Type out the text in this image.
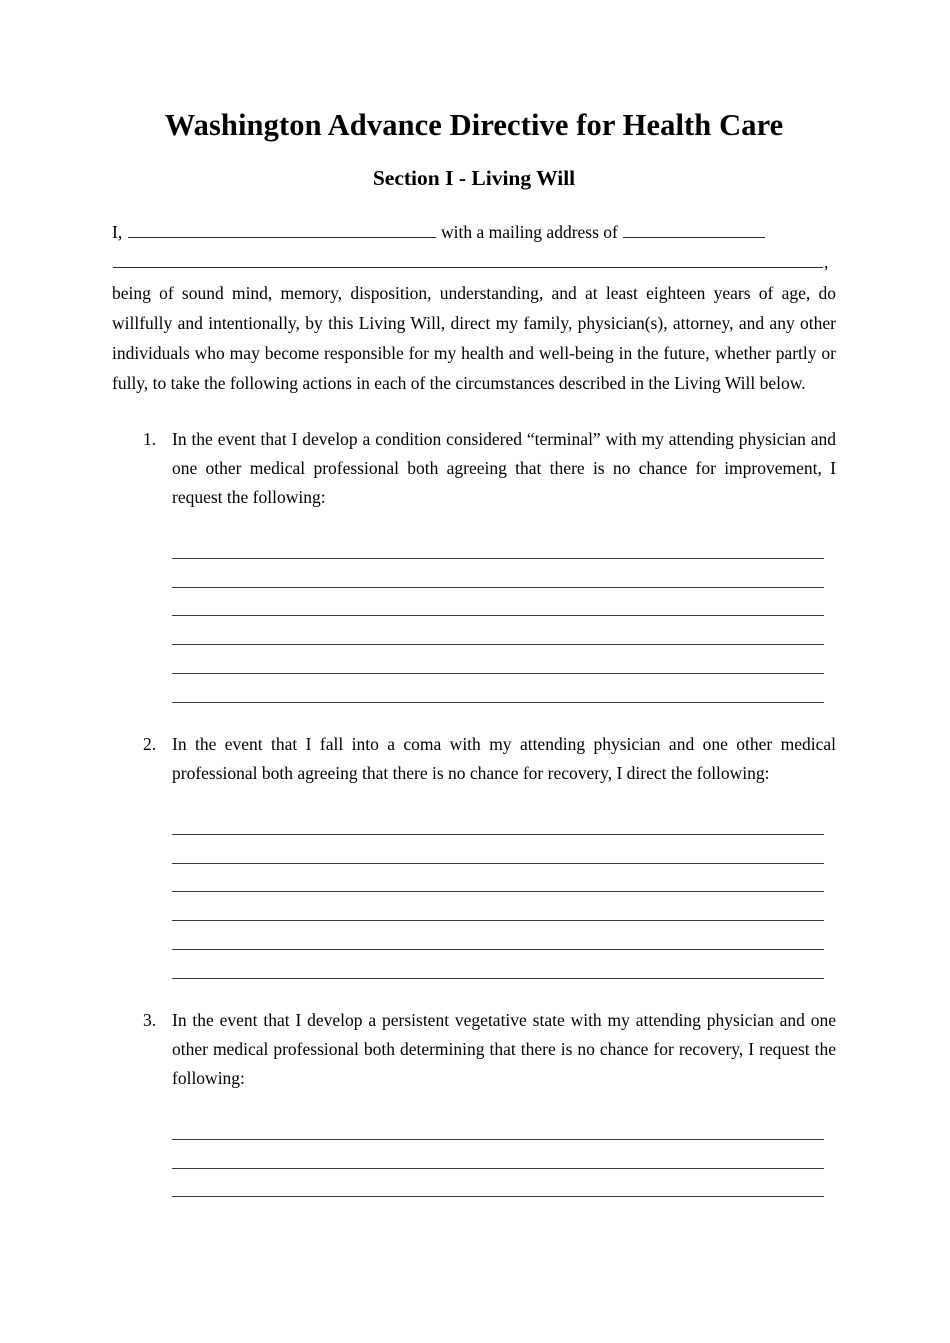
Washington Advance Directive for Health Care
Section I - Living Will

I,	with a mailing address of

,

being of sound mind, memory, disposition, understanding, and at least eighteen years of age, do willfully and intentionally, by this Living Will, direct my family, physician(s), attorney, and any other individuals who may become responsible for my health and well-being in the future, whether partly or fully, to take the following actions in each of the circumstances described in the Living Will below.

1. In the event that I develop a condition considered “terminal” with my attending physician and one other medical professional both agreeing that there is no chance for improvement, I request the following:
2. In the event that I fall into a coma with my attending physician and one other medical professional both agreeing that there is no chance for recovery, I direct the following:
3. In the event that I develop a persistent vegetative state with my attending physician and one other medical professional both determining that there is no chance for recovery, I request the following:
